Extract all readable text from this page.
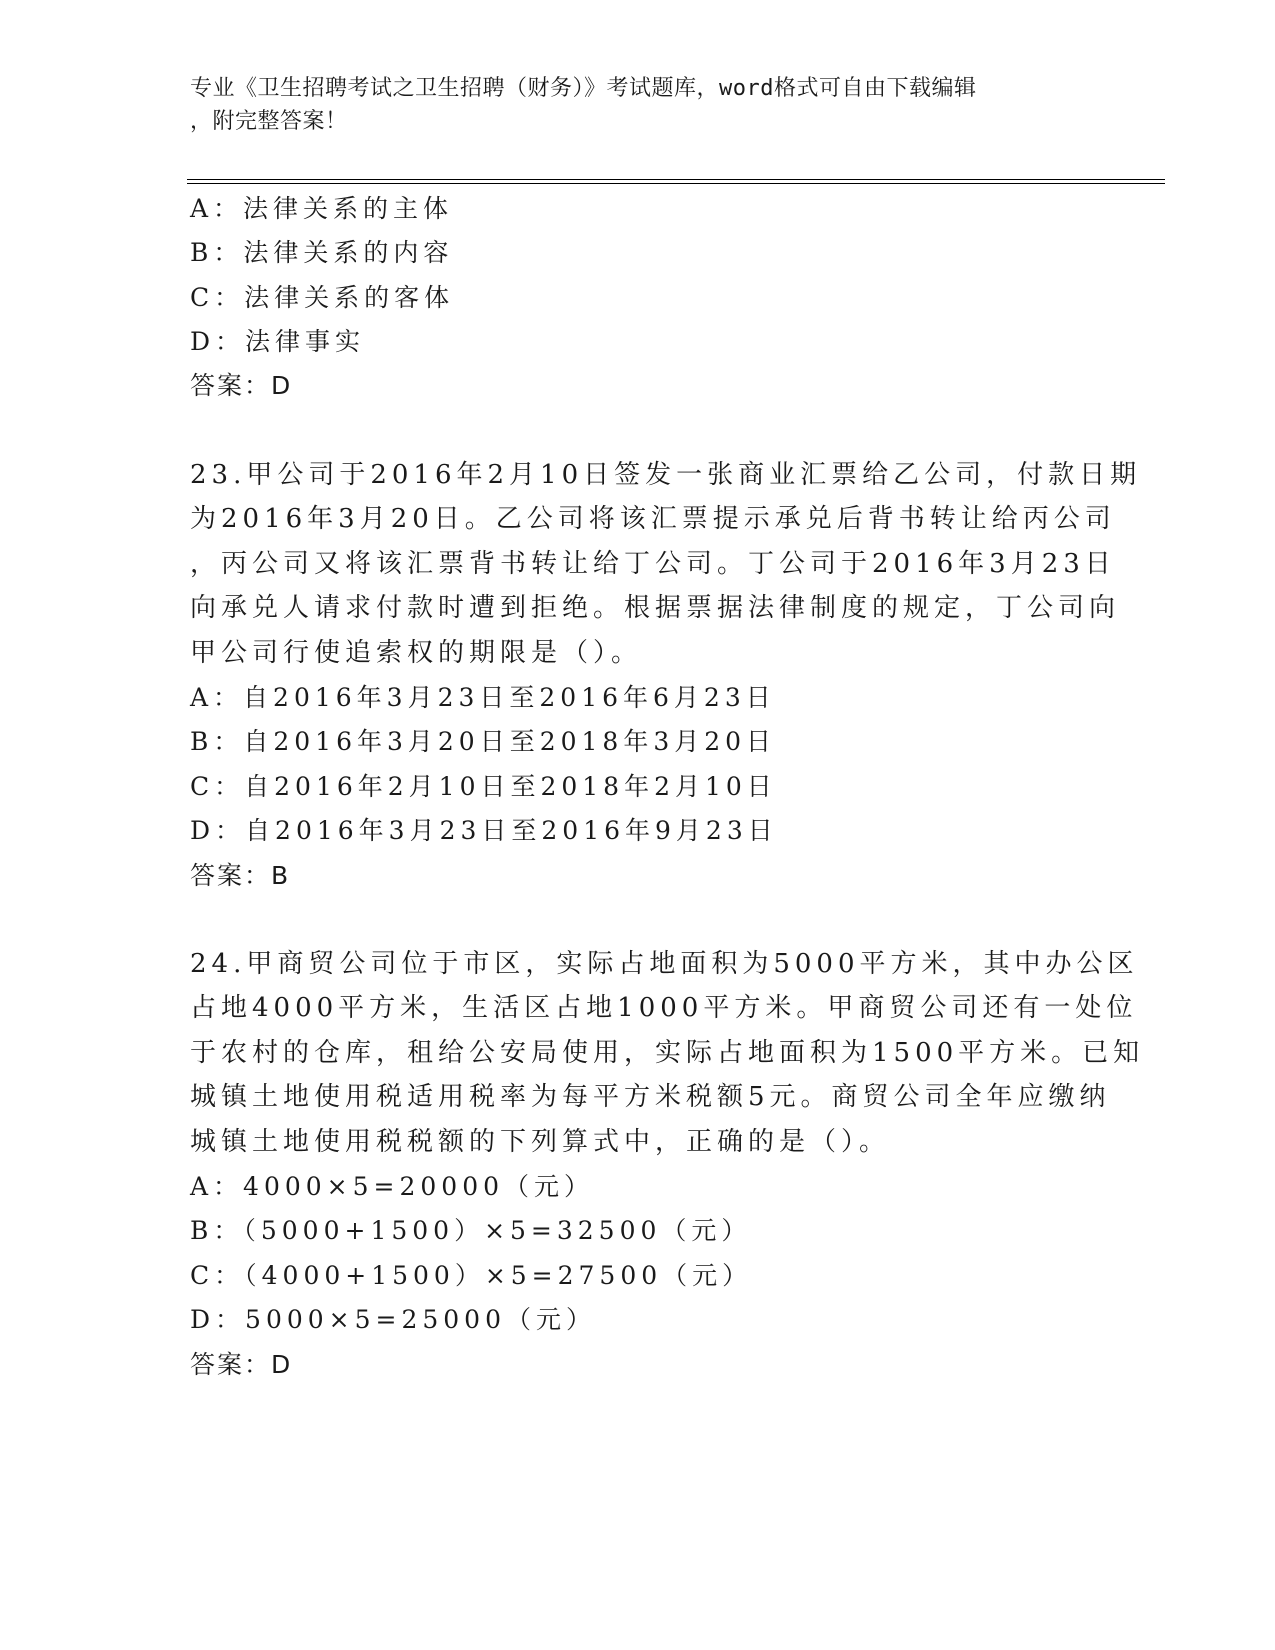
专业《卫生招聘考试之卫生招聘（财务）》考试题库，word格式可自由下载编辑
，附完整答案！
A：法律关系的主体
B：法律关系的内容
C：法律关系的客体
D：法律事实
答案：D
23.甲公司于2016年2月10日签发一张商业汇票给乙公司，付款日期
为2016年3月20日。乙公司将该汇票提示承兑后背书转让给丙公司
，丙公司又将该汇票背书转让给丁公司。丁公司于2016年3月23日
向承兑人请求付款时遭到拒绝。根据票据法律制度的规定，丁公司向
甲公司行使追索权的期限是（）。
A：自2016年3月23日至2016年6月23日
B：自2016年3月20日至2018年3月20日
C：自2016年2月10日至2018年2月10日
D：自2016年3月23日至2016年9月23日
答案：B
24.甲商贸公司位于市区，实际占地面积为5000平方米，其中办公区
占地4000平方米，生活区占地1000平方米。甲商贸公司还有一处位
于农村的仓库，租给公安局使用，实际占地面积为1500平方米。已知
城镇土地使用税适用税率为每平方米税额5元。商贸公司全年应缴纳
城镇土地使用税税额的下列算式中，正确的是（）。
A：4000×5=20000（元）
B：（5000+1500）×5=32500（元）
C：（4000+1500）×5=27500（元）
D：5000×5=25000（元）
答案：D
